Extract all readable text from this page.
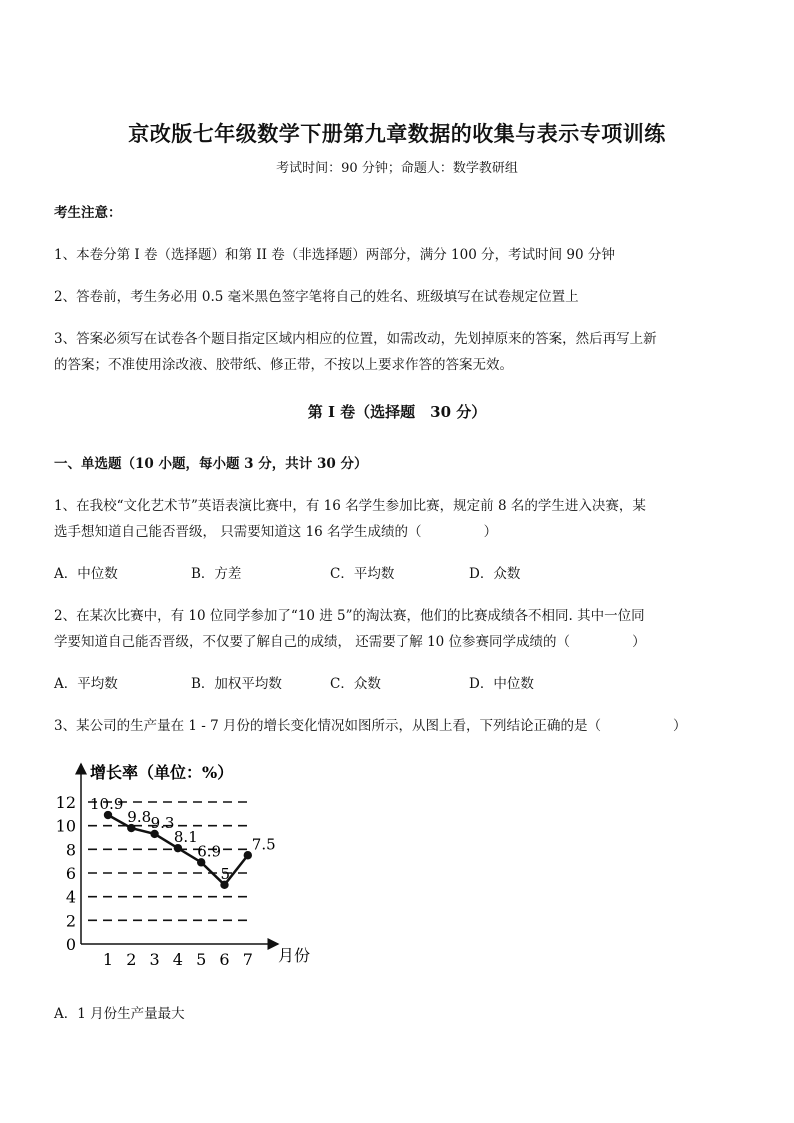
京改版七年级数学下册第九章数据的收集与表示专项训练
考试时间：90 分钟；命题人：数学教研组
考生注意：
1、本卷分第 I 卷（选择题）和第 II 卷（非选择题）两部分，满分 100 分，考试时间 90 分钟
2、答卷前，考生务必用 0.5 毫米黑色签字笔将自己的姓名、班级填写在试卷规定位置上
3、答案必须写在试卷各个题目指定区域内相应的位置，如需改动，先划掉原来的答案，然后再写上新
的答案；不准使用涂改液、胶带纸、修正带，不按以上要求作答的答案无效。
第 I 卷（选择题　30 分）
一、单选题（10 小题，每小题 3 分，共计 30 分）
1、在我校“文化艺术节”英语表演比赛中，有 16 名学生参加比赛，规定前 8 名的学生进入决赛，某
选手想知道自己能否晋级， 只需要知道这 16 名学生成绩的（	）
A．中位数	B．方差	C．平均数	D．众数
2、在某次比赛中，有 10 位同学参加了“10 进 5”的淘汰赛，他们的比赛成绩各不相同. 其中一位同
学要知道自己能否晋级，不仅要了解自己的成绩， 还需要了解 10 位参赛同学成绩的（	）
A．平均数	B．加权平均数	C．众数	D．中位数
3、某公司的生产量在 1 - 7 月份的增长变化情况如图所示，从图上看，下列结论正确的是（	）
增长率（单位：%）
月份
0
2
4
6
8
10
12
1 2 3 4 5 6 7
10.9
9.8 9.3
8.1
6.9
5
7.5
A．1 月份生产量最大
